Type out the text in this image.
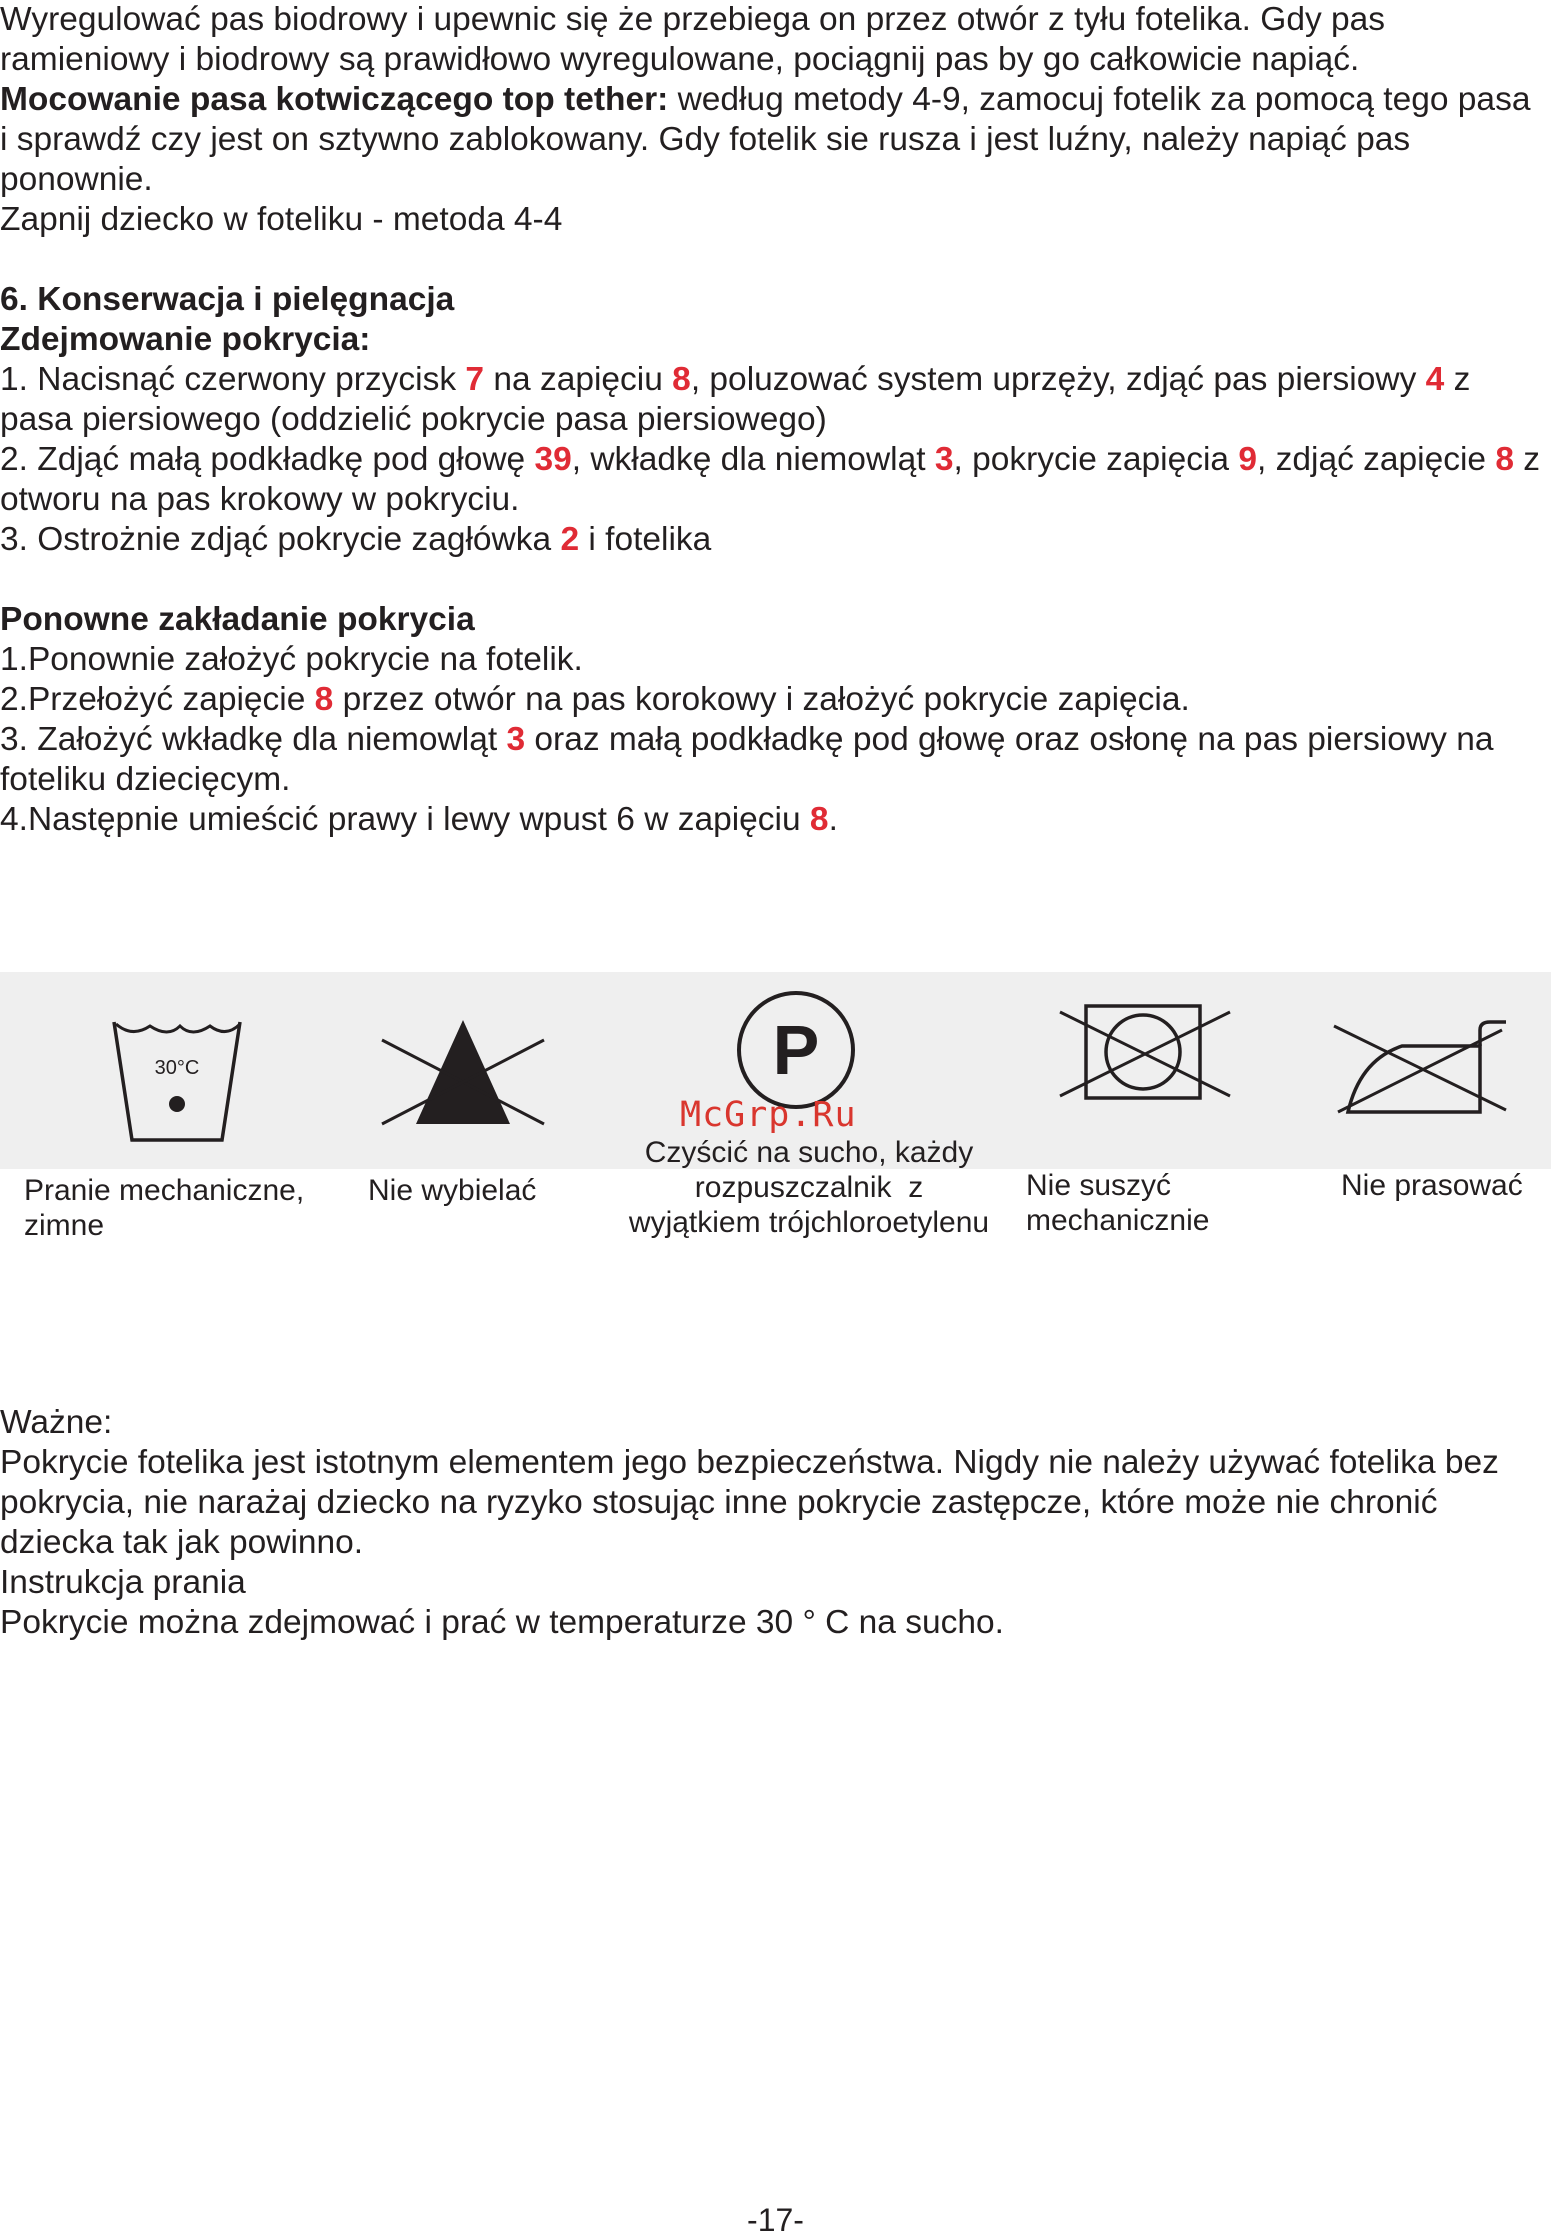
Wyregulować pas biodrowy i upewnic się że przebiega on przez otwór z tyłu fotelika. Gdy pas ramieniowy i biodrowy są prawidłowo wyregulowane, pociągnij pas by go całkowicie napiąć.
Mocowanie pasa kotwiczącego top tether: według metody 4-9, zamocuj fotelik za pomocą tego pasa i sprawdź czy jest on sztywno zablokowany. Gdy fotelik sie rusza i jest luźny, należy napiąć pas ponownie.
Zapnij dziecko w foteliku - metoda 4-4

6. Konserwacja i pielęgnacja

Zdejmowanie pokrycia:

1. Nacisnąć czerwony przycisk 7 na zapięciu 8, poluzować system uprzęży, zdjąć pas piersiowy 4 z pasa piersiowego (oddzielić pokrycie pasa piersiowego)

2. Zdjąć małą podkładkę pod głowę 39, wkładkę dla niemowląt 3, pokrycie zapięcia 9, zdjąć zapięcie 8 z otworu na pas krokowy w pokryciu.

3. Ostrożnie zdjąć pokrycie zagłówka 2 i fotelika

Ponowne zakładanie pokrycia

1.Ponownie założyć pokrycie na fotelik.

2.Przełożyć zapięcie 8 przez otwór na pas korokowy i założyć pokrycie zapięcia.

3. Założyć wkładkę dla niemowląt 3 oraz małą podkładkę pod głowę oraz osłonę na pas piersiowy na foteliku dziecięcym.

4.Następnie umieścić prawy i lewy wpust 6 w zapięciu 8.

30°C	P
McGrp.Ru
Pranie mechaniczne,
zimne
Nie wybielać
Czyścić na sucho, każdy
rozpuszczalnik  z
wyjątkiem trójchloroetylenu
Nie suszyć
mechanicznie
Nie prasować

Ważne:

Pokrycie fotelika jest istotnym elementem jego bezpieczeństwa. Nigdy nie należy używać fotelika bez pokrycia, nie narażaj dziecko na ryzyko stosując inne pokrycie zastępcze, które może nie chronić dziecka tak jak powinno.

Instrukcja prania

Pokrycie można zdejmować i prać w temperaturze 30 ° C na sucho.

-17-
